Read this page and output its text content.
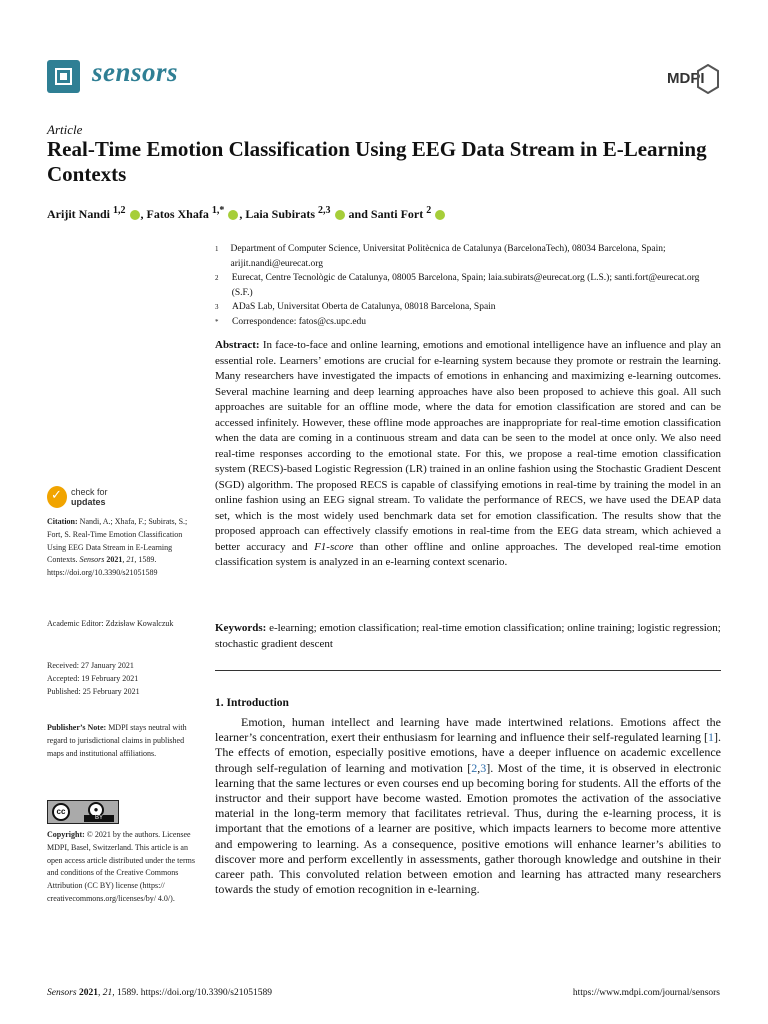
sensors	MDPI
Article
Real-Time Emotion Classification Using EEG Data Stream in E-Learning Contexts
Arijit Nandi $^{1,2}$ , Fatos Xhafa $^{1,*}$ , Laia Subirats $^{2,3}$  and Santi Fort $^2$
1	Department of Computer Science, Universitat Politècnica de Catalunya (BarcelonaTech), 08034 Barcelona, Spain; arijit.nandi@eurecat.org
2	Eurecat, Centre Tecnològic de Catalunya, 08005 Barcelona, Spain; laia.subirats@eurecat.org (L.S.); santi.fort@eurecat.org (S.F.)
3	ADaS Lab, Universitat Oberta de Catalunya, 08018 Barcelona, Spain
*	Correspondence: fatos@cs.upc.edu
Abstract: In face-to-face and online learning, emotions and emotional intelligence have an influence and play an essential role. Learners’ emotions are crucial for e-learning system because they promote or restrain the learning. Many researchers have investigated the impacts of emotions in enhancing and maximizing e-learning outcomes. Several machine learning and deep learning approaches have also been proposed to achieve this goal. All such approaches are suitable for an offline mode, where the data for emotion classification are stored and can be accessed infinitely. However, these offline mode approaches are inappropriate for real-time emotion classification when the data are coming in a continuous stream and data can be seen to the model at once only. We also need real-time responses according to the emotional state. For this, we propose a real-time emotion classification system (RECS)-based Logistic Regression (LR) trained in an online fashion using the Stochastic Gradient Descent (SGD) algorithm. The proposed RECS is capable of classifying emotions in real-time by training the model in an online fashion using an EEG signal stream. To validate the performance of RECS, we have used the DEAP data set, which is the most widely used benchmark data set for emotion classification. The results show that the proposed approach can effectively classify emotions in real-time from the EEG data stream, which achieved a better accuracy and F1-score than other offline and online approaches. The developed real-time emotion classification system is analyzed in an e-learning context scenario.
Keywords: e-learning; emotion classification; real-time emotion classification; online training; logistic regression; stochastic gradient descent
1. Introduction
Emotion, human intellect and learning have made intertwined relations. Emotions affect the learner’s concentration, exert their enthusiasm for learning and influence their self-regulated learning [1]. The effects of emotion, especially positive emotions, have a deeper influence on academic excellence through self-regulation of learning and motivation [2,3]. Most of the time, it is observed in electronic learning that the same lectures or even courses end up becoming boring for students. All the efforts of the instructor and their support have become wasted. Emotion promotes the activation of the associative material in the long-term memory that facilitates retrieval. Thus, during the e-learning process, it is important that the emotions of a learner are positive, which impacts learners to become more attentive and empowering to learning. As a consequence, positive emotions will enhance learner’s abilities to discover more and perform excellently in assessments, gather thorough knowledge and outshine in their career path. This convoluted relation between emotion and learning has attracted many researchers towards the study of emotion recognition in e-learning.
✓
check for
updates
Citation: Nandi, A.; Xhafa, F.; Subirats, S.; Fort, S. Real-Time Emotion Classification Using EEG Data Stream in E-Learning Contexts. Sensors 2021, 21, 1589. https://doi.org/10.3390/s21051589
Academic Editor: Zdzisław Kowalczuk
Received: 27 January 2021
Accepted: 19 February 2021
Published: 25 February 2021
Publisher’s Note: MDPI stays neutral with regard to jurisdictional claims in published maps and institutional affiliations.
cc	●
BY
Copyright: © 2021 by the authors. Licensee MDPI, Basel, Switzerland. This article is an open access article distributed under the terms and conditions of the Creative Commons Attribution (CC BY) license (https:// creativecommons.org/licenses/by/ 4.0/).
Sensors 2021, 21, 1589. https://doi.org/10.3390/s21051589	https://www.mdpi.com/journal/sensors
